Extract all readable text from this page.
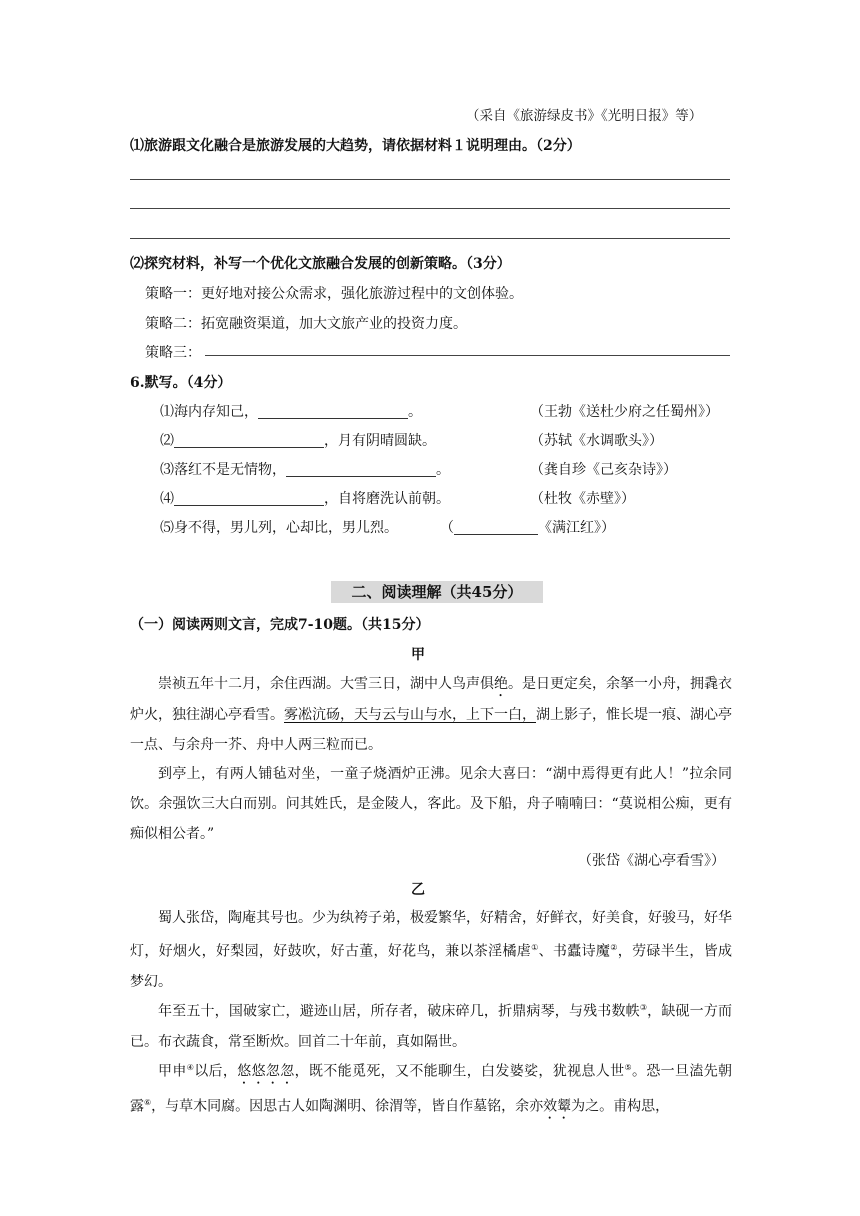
（采自《旅游绿皮书》《光明日报》等）
⑴旅游跟文化融合是旅游发展的大趋势，请依据材料１说明理由。（2分）
⑵探究材料，补写一个优化文旅融合发展的创新策略。（3分）
策略一：更好地对接公众需求，强化旅游过程中的文创体验。
策略二：拓宽融资渠道，加大文旅产业的投资力度。
策略三：
6.默写。（4分）
⑴海内存知己，	。	（王勃《送杜少府之任蜀州》）
⑵	，月有阴晴圆缺。	（苏轼《水调歌头》）
⑶落红不是无情物，	。	（龚自珍《己亥杂诗》）
⑷	，自将磨洗认前朝。	（杜牧《赤壁》）
⑸身不得，男儿列，心却比，男儿烈。	（	《满江红》）
二、阅读理解（共45分）
（一）阅读两则文言，完成7-10题。（共15分）
甲
崇祯五年十二月，余住西湖。大雪三日，湖中人鸟声俱绝。是日更定矣，余拏一小舟，拥毳衣炉火，独往湖心亭看雪。雾凇沆砀，天与云与山与水，上下一白，湖上影子，惟长堤一痕、湖心亭一点、与余舟一芥、舟中人两三粒而已。
到亭上，有两人铺毡对坐，一童子烧酒炉正沸。见余大喜曰：“湖中焉得更有此人！”拉余同饮。余强饮三大白而别。问其姓氏，是金陵人，客此。及下船，舟子喃喃曰：“莫说相公痴，更有痴似相公者。”
（张岱《湖心亭看雪》）
乙
蜀人张岱，陶庵其号也。少为纨袴子弟，极爱繁华，好精舍，好鲜衣，好美食，好骏马，好华灯，好烟火，好梨园，好鼓吹，好古董，好花鸟，兼以茶淫橘虐①、书蠹诗魔②，劳碌半生，皆成梦幻。
年至五十，国破家亡，避迹山居，所存者，破床碎几，折鼎病琴，与残书数帙③，缺砚一方而已。布衣蔬食，常至断炊。回首二十年前，真如隔世。
甲申④以后，悠悠忽忽，既不能觅死，又不能聊生，白发婆娑，犹视息人世⑤。恐一旦溘先朝露⑥，与草木同腐。因思古人如陶渊明、徐渭等，皆自作墓铭，余亦效颦为之。甫构思，
